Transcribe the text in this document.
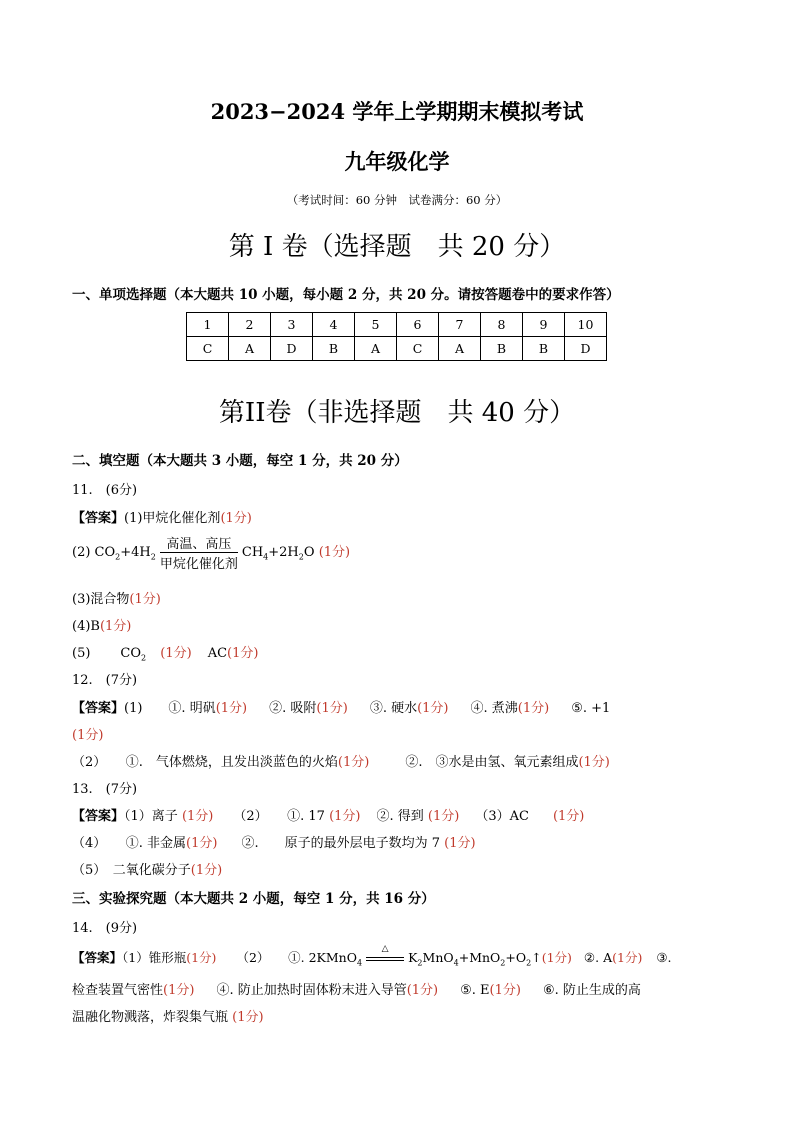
2023−2024 学年上学期期末模拟考试
九年级化学
（考试时间：60 分钟　试卷满分：60 分）
第 I 卷（选择题　共 20 分）
一、单项选择题（本大题共 10 小题，每小题 2 分，共 20 分。请按答题卷中的要求作答）
1	2	3	4	5	6	7	8	9	10
C	A	D	B	A	C	A	B	B	D
第II卷（非选择题　共 40 分）
二、填空题（本大题共 3 小题，每空 1 分，共 20 分）
11.　(6分)
【答案】(1)甲烷化催化剂(1分)
(2) $CO_2+4H_2 \frac{\text{高温、高压}}{\text{甲烷化催化剂}} CH_4+2H_2O$ (1分)
(3)混合物(1分)
(4)B(1分)
(5) $CO_2$ (1分) AC(1分)
12.　(7分)
【答案】(1)　　①. 明矾(1分) ②. 吸附(1分) ③. 硬水(1分) ④. 煮沸(1分) ⑤. +1
(1分)
（2）　　①.　气体燃烧，且发出淡蓝色的火焰(1分)	②.　③水是由氢、氧元素组成(1分)
13.　(7分)
【答案】（1）离子 (1分) （2）　　①. 17 (1分) ②. 得到 (1分) （3）AC (1分)
（4）　　①. 非金属(1分) ②.　　原子的最外层电子数均为 7 (1分)
（5）　二氧化碳分子(1分)
三、实验探究题（本大题共 2 小题，每空 1 分，共 16 分）
14.　(9分)
【答案】（1）锥形瓶(1分) （2）　　①. 2KMnO$_4$
△
$K_2MnO_4+MnO_2+O_2↑(1$分) ②. A(1分) ③.
检查装置气密性(1分) ④. 防止加热时固体粉末进入导管(1分) ⑤. E(1分) ⑥. 防止生成的高
温融化物溅落，炸裂集气瓶 (1分)
